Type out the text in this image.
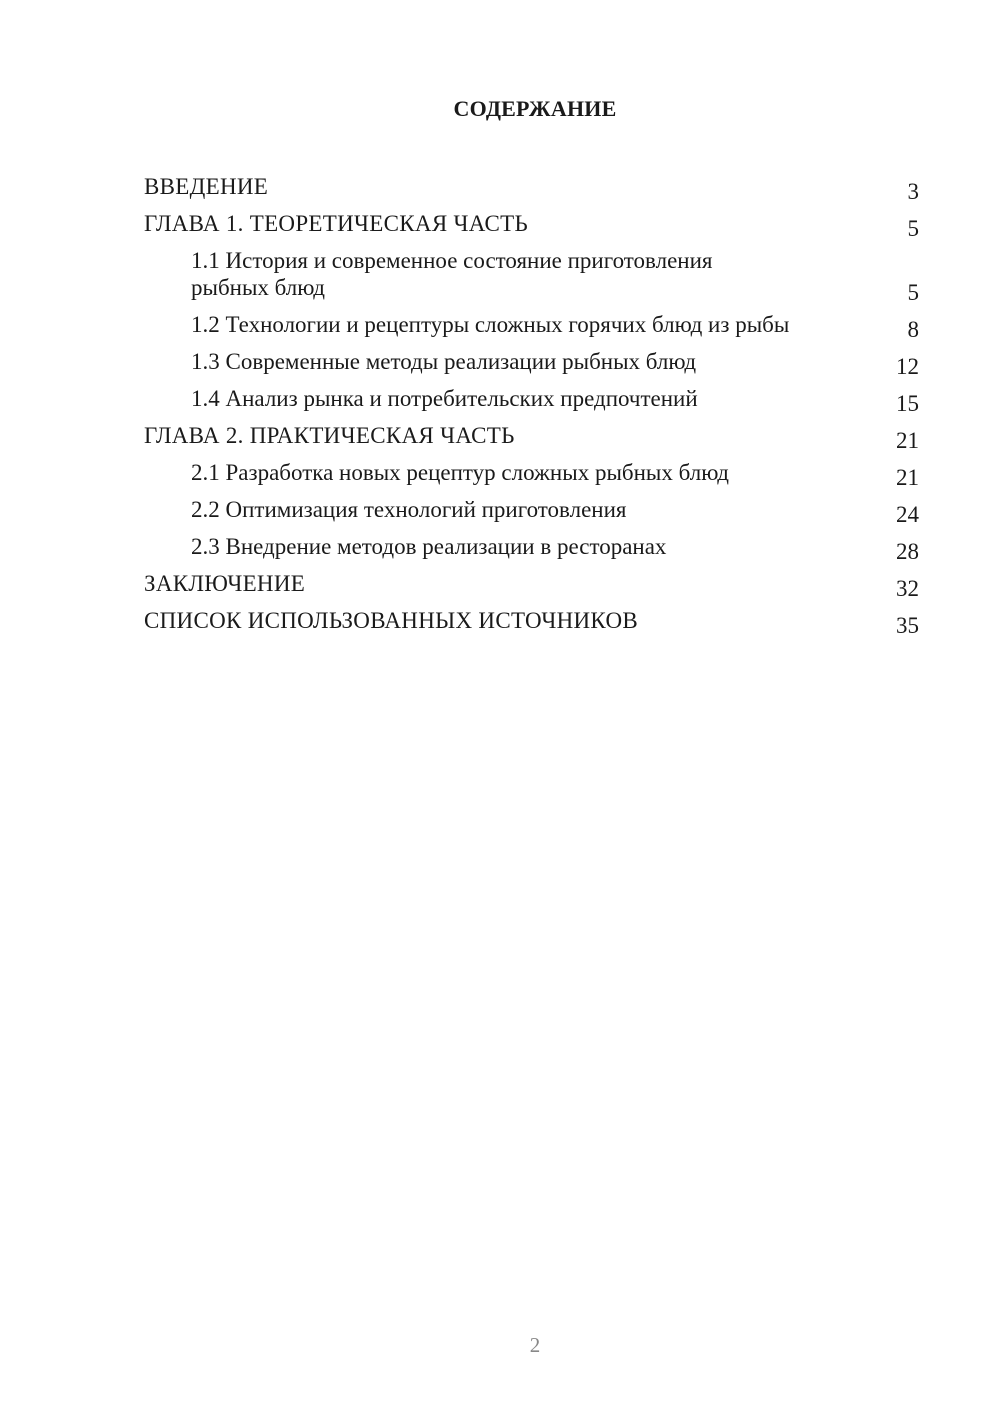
СОДЕРЖАНИЕ
ВВЕДЕНИЕ	3
ГЛАВА 1. ТЕОРЕТИЧЕСКАЯ ЧАСТЬ	5
1.1 История и современное состояние приготовления рыбных блюд	5
1.2 Технологии и рецептуры сложных горячих блюд из рыбы	8
1.3 Современные методы реализации рыбных блюд	12
1.4 Анализ рынка и потребительских предпочтений	15
ГЛАВА 2. ПРАКТИЧЕСКАЯ ЧАСТЬ	21
2.1 Разработка новых рецептур сложных рыбных блюд	21
2.2 Оптимизация технологий приготовления	24
2.3 Внедрение методов реализации в ресторанах	28
ЗАКЛЮЧЕНИЕ	32
СПИСОК ИСПОЛЬЗОВАННЫХ ИСТОЧНИКОВ	35
2
